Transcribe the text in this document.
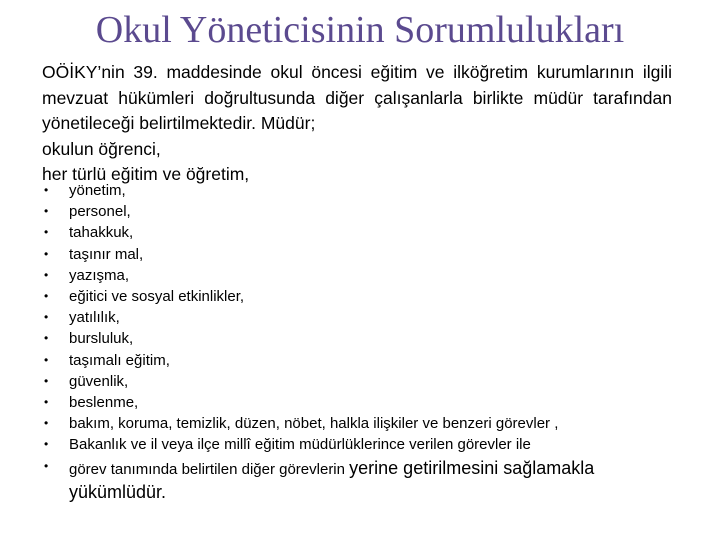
Okul Yöneticisinin Sorumlulukları

OÖİKY’nin 39. maddesinde okul öncesi eğitim ve ilköğretim kurumlarının ilgili mevzuat hükümleri doğrultusunda diğer çalışanlarla birlikte müdür tarafından yönetileceği belirtilmektedir. Müdür;

okulun öğrenci,

her türlü eğitim ve öğretim,

• yönetim,
• personel,
• tahakkuk,
• taşınır mal,
• yazışma,
• eğitici ve sosyal etkinlikler,
• yatılılık,
• bursluluk,
• taşımalı eğitim,
• güvenlik,
• beslenme,
• bakım, koruma, temizlik, düzen, nöbet, halkla ilişkiler ve benzeri görevler ,
• Bakanlık ve il veya ilçe millî eğitim müdürlüklerince verilen görevler ile
• görev tanımında belirtilen diğer görevlerin yerine getirilmesini sağlamakla yükümlüdür.
